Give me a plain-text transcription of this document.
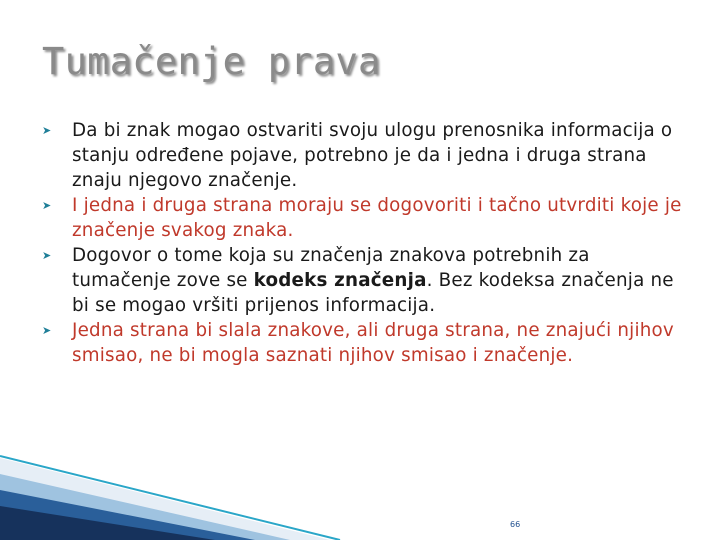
Tumačenje prava
➤ Da bi znak mogao ostvariti svoju ulogu prenosnika informacija o stanju određene pojave, potrebno je da i jedna i druga strana znaju njegovo značenje.
➤ I jedna i druga strana moraju se dogovoriti i tačno utvrditi koje je značenje svakog znaka.
➤ Dogovor o tome koja su značenja znakova potrebnih za tumačenje zove se kodeks značenja. Bez kodeksa značenja ne bi se mogao vršiti prijenos informacija.
➤ Jedna strana bi slala znakove, ali druga strana, ne znajući njihov smisao, ne bi mogla saznati njihov smisao i značenje.
66
